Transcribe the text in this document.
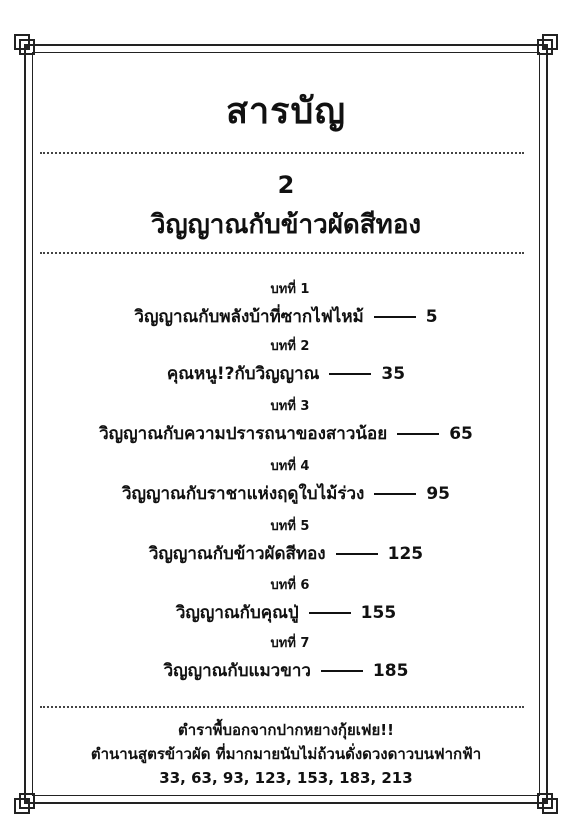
สารบัญ
2
วิญญาณกับข้าวผัดสีทอง
บทที่ 1
วิญญาณกับพลังบ้าที่ซากไฟไหม้	5
บทที่ 2
คุณหนู!?กับวิญญาณ	35
บทที่ 3
วิญญาณกับความปรารถนาของสาวน้อย	65
บทที่ 4
วิญญาณกับราชาแห่งฤดูใบไม้ร่วง	95
บทที่ 5
วิญญาณกับข้าวผัดสีทอง	125
บทที่ 6
วิญญาณกับคุณปู่	155
บทที่ 7
วิญญาณกับแมวขาว	185
ตำราพื้บอกจากปากหยางกุ้ยเฟย!!
ตำนานสูตรข้าวผัด ที่มากมายนับไม่ถ้วนดั่งดวงดาวบนฟากฟ้า
33, 63, 93, 123, 153, 183, 213
